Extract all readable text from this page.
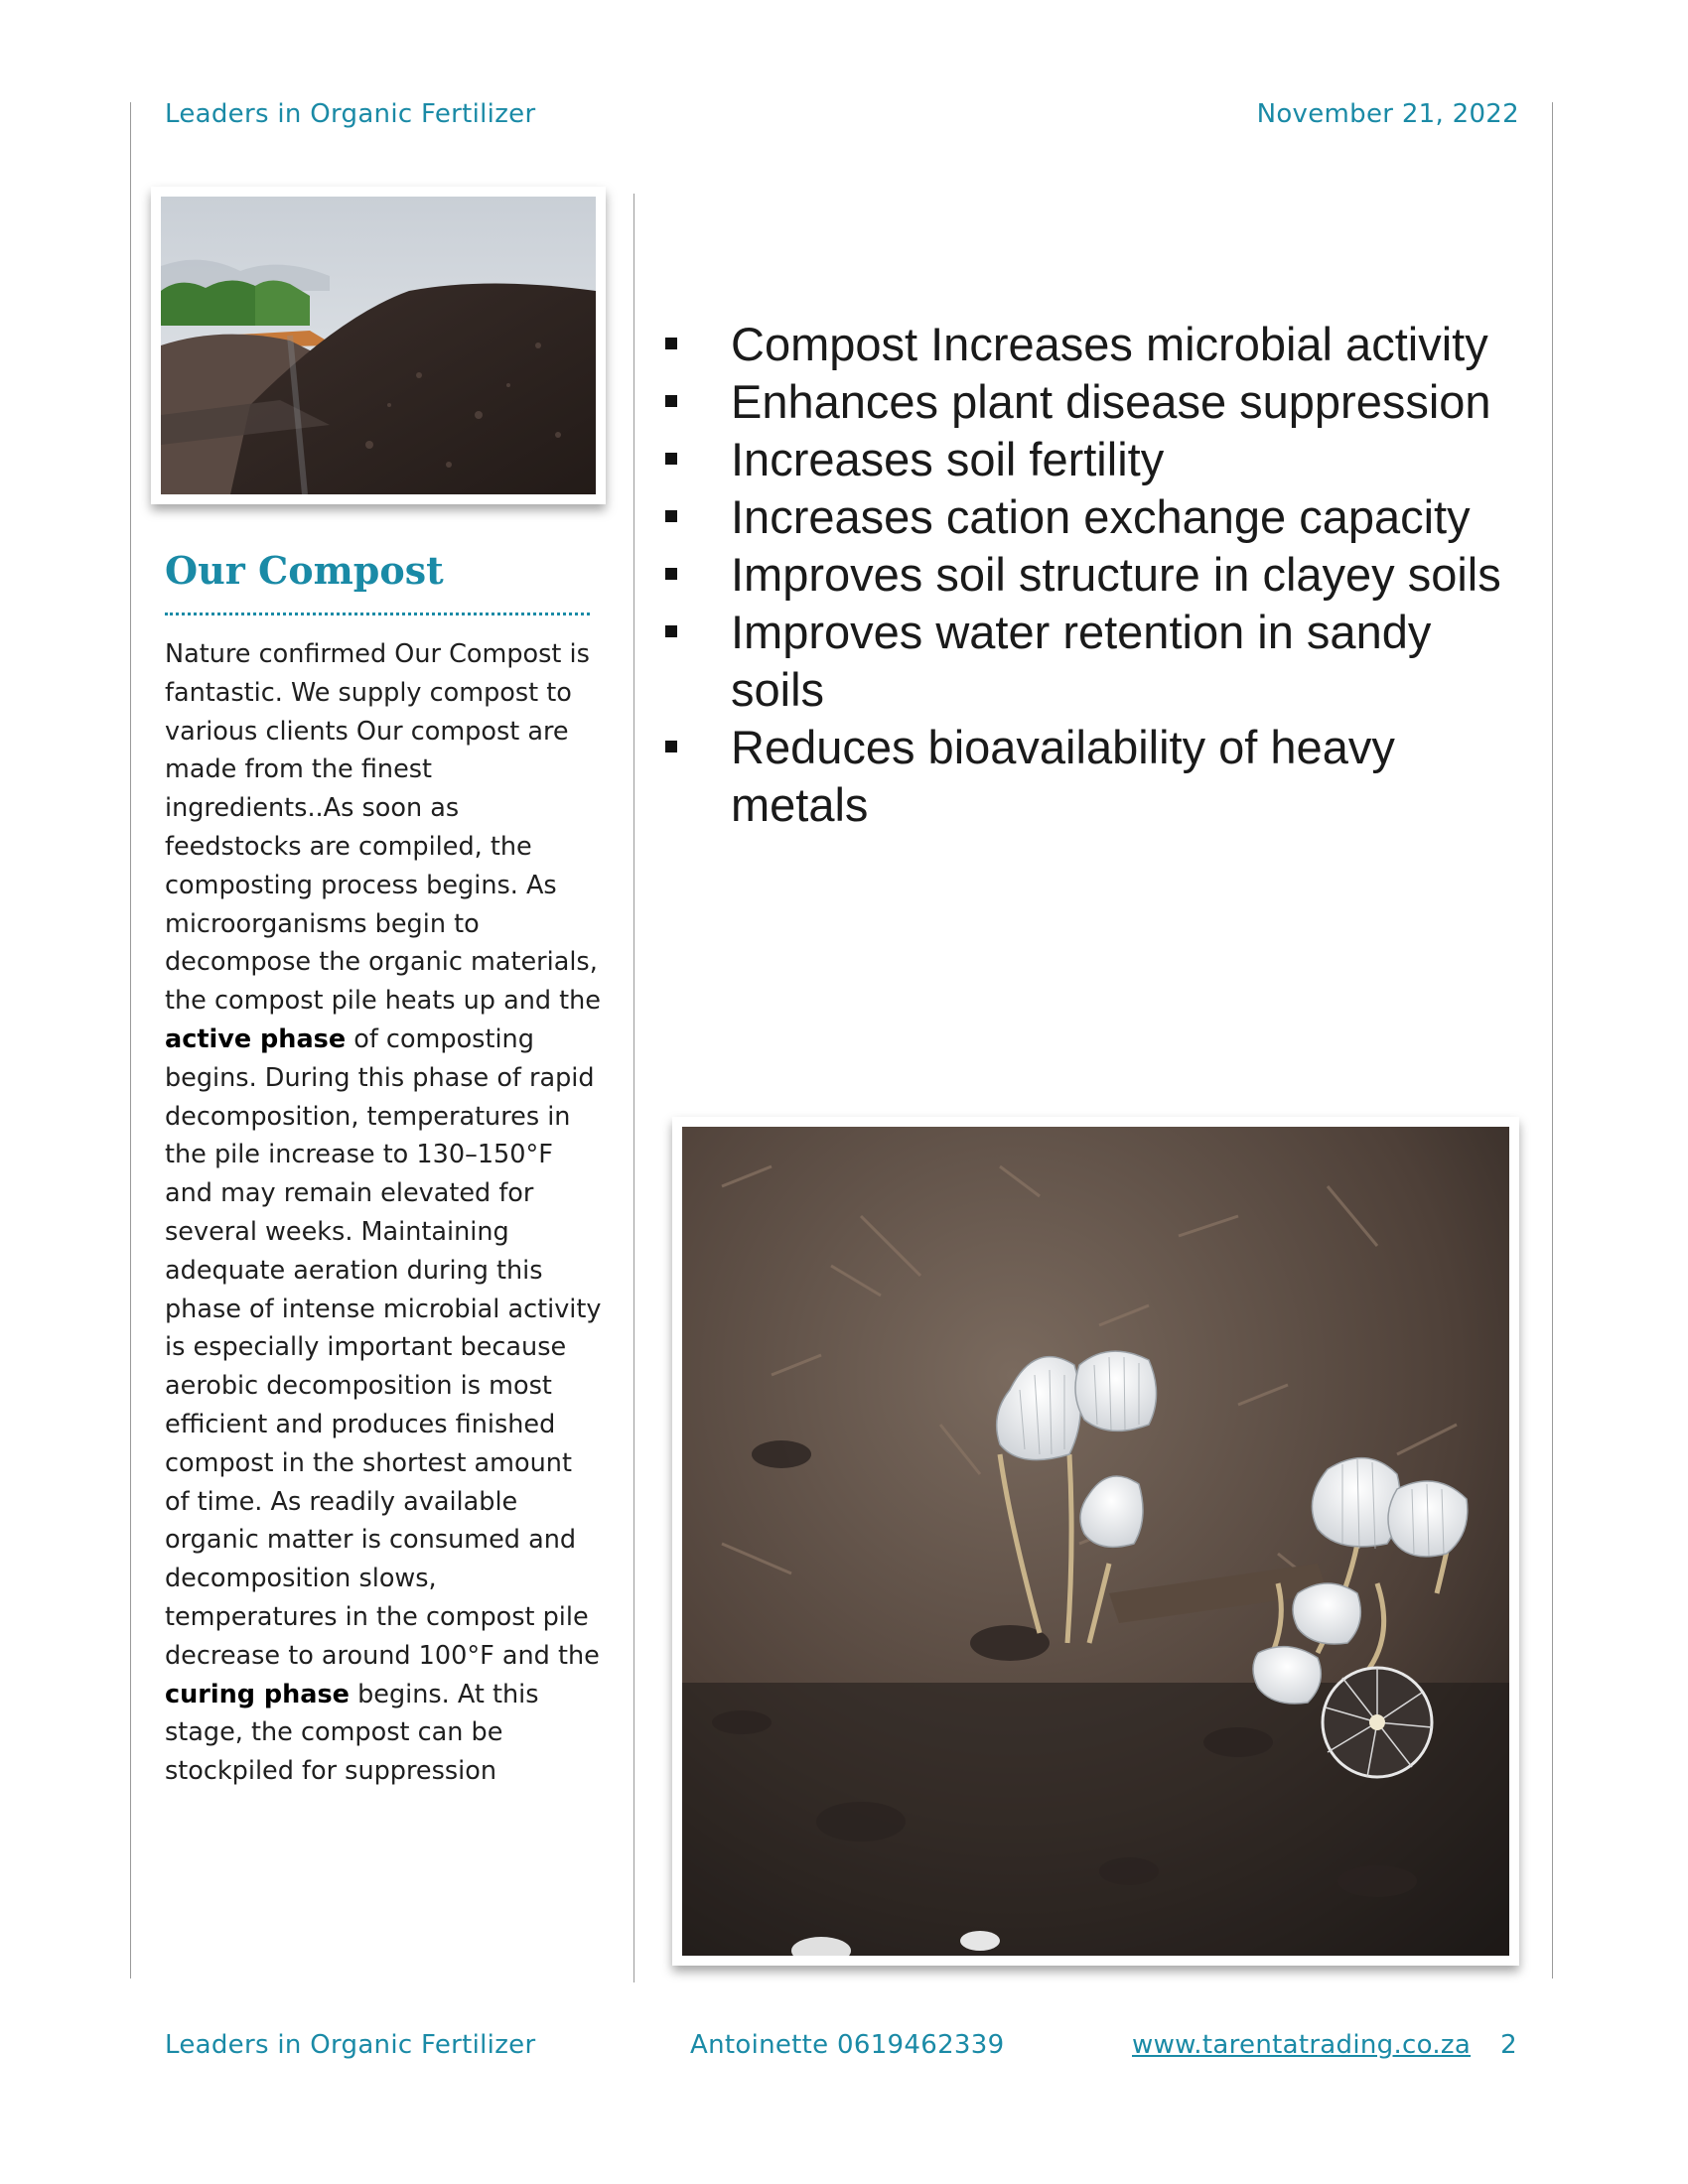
Leaders in Organic Fertilizer	November 21, 2022
Our Compost
Nature confirmed Our Compost is fantastic. We supply compost to various clients Our compost are made from the finest ingredients..As soon as feedstocks are compiled, the composting process begins. As microorganisms begin to decompose the organic materials, the compost pile heats up and the active phase of composting begins. During this phase of rapid decomposition, temperatures in the pile increase to 130–150°F and may remain elevated for several weeks. Maintaining adequate aeration during this phase of intense microbial activity is especially important because aerobic decomposition is most efficient and produces finished compost in the shortest amount of time. As readily available organic matter is consumed and decomposition slows, temperatures in the compost pile decrease to around 100°F and the curing phase begins. At this stage, the compost can be stockpiled for suppression
Compost Increases microbial activity
Enhances plant disease suppression
Increases soil fertility
Increases cation exchange capacity
Improves soil structure in clayey soils
Improves water retention in sandy soils
Reduces bioavailability of heavy metals
Leaders in Organic Fertilizer	Antoinette 0619462339	www.tarentatrading.co.za 2
